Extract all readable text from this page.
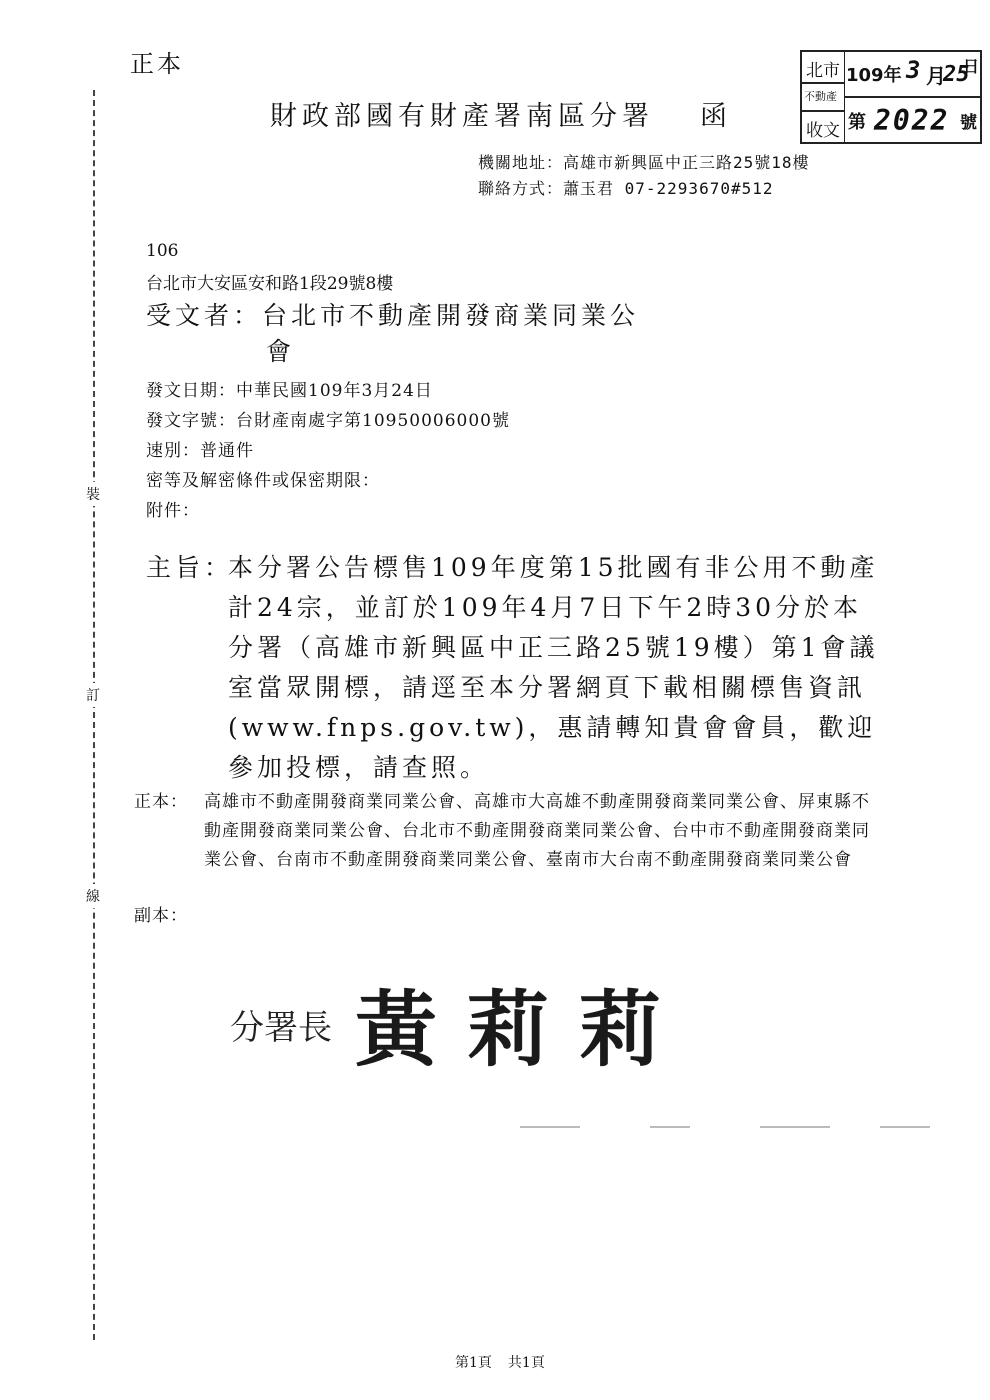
裝
訂
線
正本
財政部國有財產署南區分署 函
北市
不動產
收文
109年 3 月
25
日
第 2022 號
機關地址：高雄市新興區中正三路25號18樓
聯絡方式：蕭玉君 07-2293670#512
106
台北市大安區安和路1段29號8樓
受文者：台北市不動產開發商業同業公
會
發文日期：中華民國109年3月24日
發文字號：台財產南處字第10950006000號
速別：普通件
密等及解密條件或保密期限：
附件：
主旨：
本分署公告標售109年度第15批國有非公用不動產計24宗，並訂於109年4月7日下午2時30分於本分署（高雄市新興區中正三路25號19樓）第1會議室當眾開標，請逕至本分署網頁下載相關標售資訊(www.fnps.gov.tw)，惠請轉知貴會會員，歡迎參加投標，請查照。
正本： 高雄市不動產開發商業同業公會、高雄市大高雄不動產開發商業同業公會、屏東縣不動產開發商業同業公會、台北市不動產開發商業同業公會、台中市不動產開發商業同業公會、台南市不動產開發商業同業公會、臺南市大台南不動產開發商業同業公會
副本：
分署長 黃莉莉
第1頁 共1頁
